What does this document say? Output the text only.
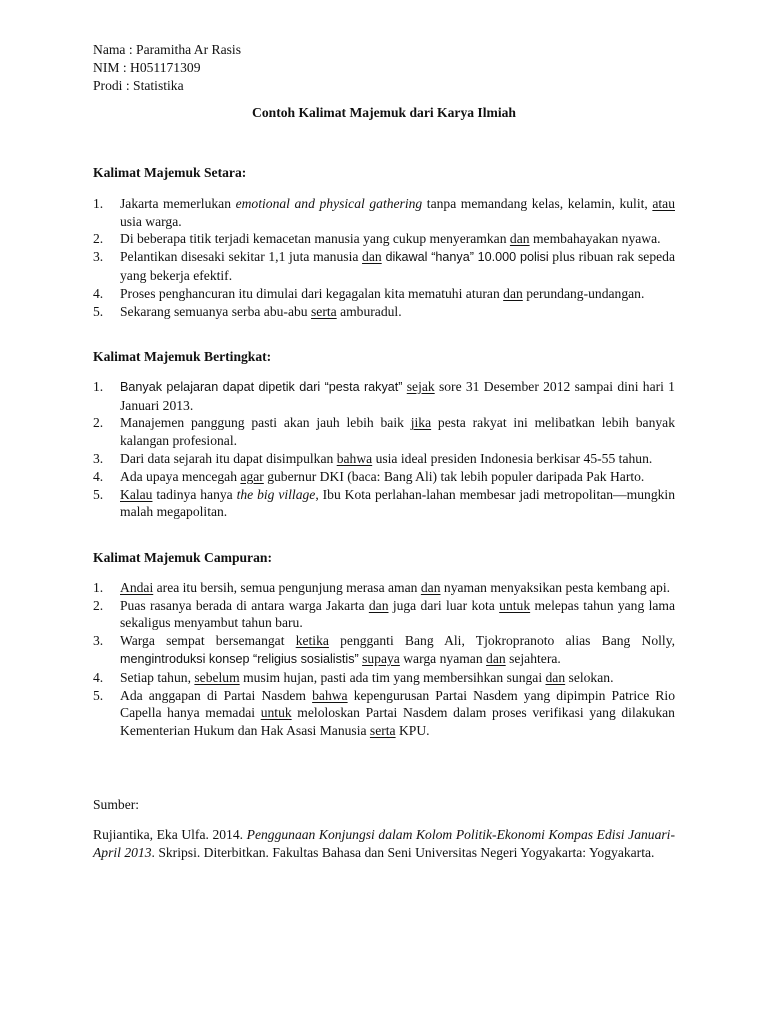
Nama : Paramitha Ar Rasis
NIM : H051171309
Prodi : Statistika
Contoh Kalimat Majemuk dari Karya Ilmiah
Kalimat Majemuk Setara:
1. Jakarta memerlukan emotional and physical gathering tanpa memandang kelas, kelamin, kulit, atau usia warga.
2. Di beberapa titik terjadi kemacetan manusia yang cukup menyeramkan dan membahayakan nyawa.
3. Pelantikan disesaki sekitar 1,1 juta manusia dan dikawal “hanya” 10.000 polisi plus ribuan rak sepeda yang bekerja efektif.
4. Proses penghancuran itu dimulai dari kegagalan kita mematuhi aturan dan perundang-undangan.
5. Sekarang semuanya serba abu-abu serta amburadul.
Kalimat Majemuk Bertingkat:
1. Banyak pelajaran dapat dipetik dari “pesta rakyat” sejak sore 31 Desember 2012 sampai dini hari 1 Januari 2013.
2. Manajemen panggung pasti akan jauh lebih baik jika pesta rakyat ini melibatkan lebih banyak kalangan profesional.
3. Dari data sejarah itu dapat disimpulkan bahwa usia ideal presiden Indonesia berkisar 45-55 tahun.
4. Ada upaya mencegah agar gubernur DKI (baca: Bang Ali) tak lebih populer daripada Pak Harto.
5. Kalau tadinya hanya the big village, Ibu Kota perlahan-lahan membesar jadi metropolitan—mungkin malah megapolitan.
Kalimat Majemuk Campuran:
1. Andai area itu bersih, semua pengunjung merasa aman dan nyaman menyaksikan pesta kembang api.
2. Puas rasanya berada di antara warga Jakarta dan juga dari luar kota untuk melepas tahun yang lama sekaligus menyambut tahun baru.
3. Warga sempat bersemangat ketika pengganti Bang Ali, Tjokropranoto alias Bang Nolly, mengintroduksi konsep “religius sosialistis” supaya warga nyaman dan sejahtera.
4. Setiap tahun, sebelum musim hujan, pasti ada tim yang membersihkan sungai dan selokan.
5. Ada anggapan di Partai Nasdem bahwa kepengurusan Partai Nasdem yang dipimpin Patrice Rio Capella hanya memadai untuk meloloskan Partai Nasdem dalam proses verifikasi yang dilakukan Kementerian Hukum dan Hak Asasi Manusia serta KPU.
Sumber:
Rujiantika, Eka Ulfa. 2014. Penggunaan Konjungsi dalam Kolom Politik-Ekonomi Kompas Edisi Januari-April 2013. Skripsi. Diterbitkan. Fakultas Bahasa dan Seni Universitas Negeri Yogyakarta: Yogyakarta.
